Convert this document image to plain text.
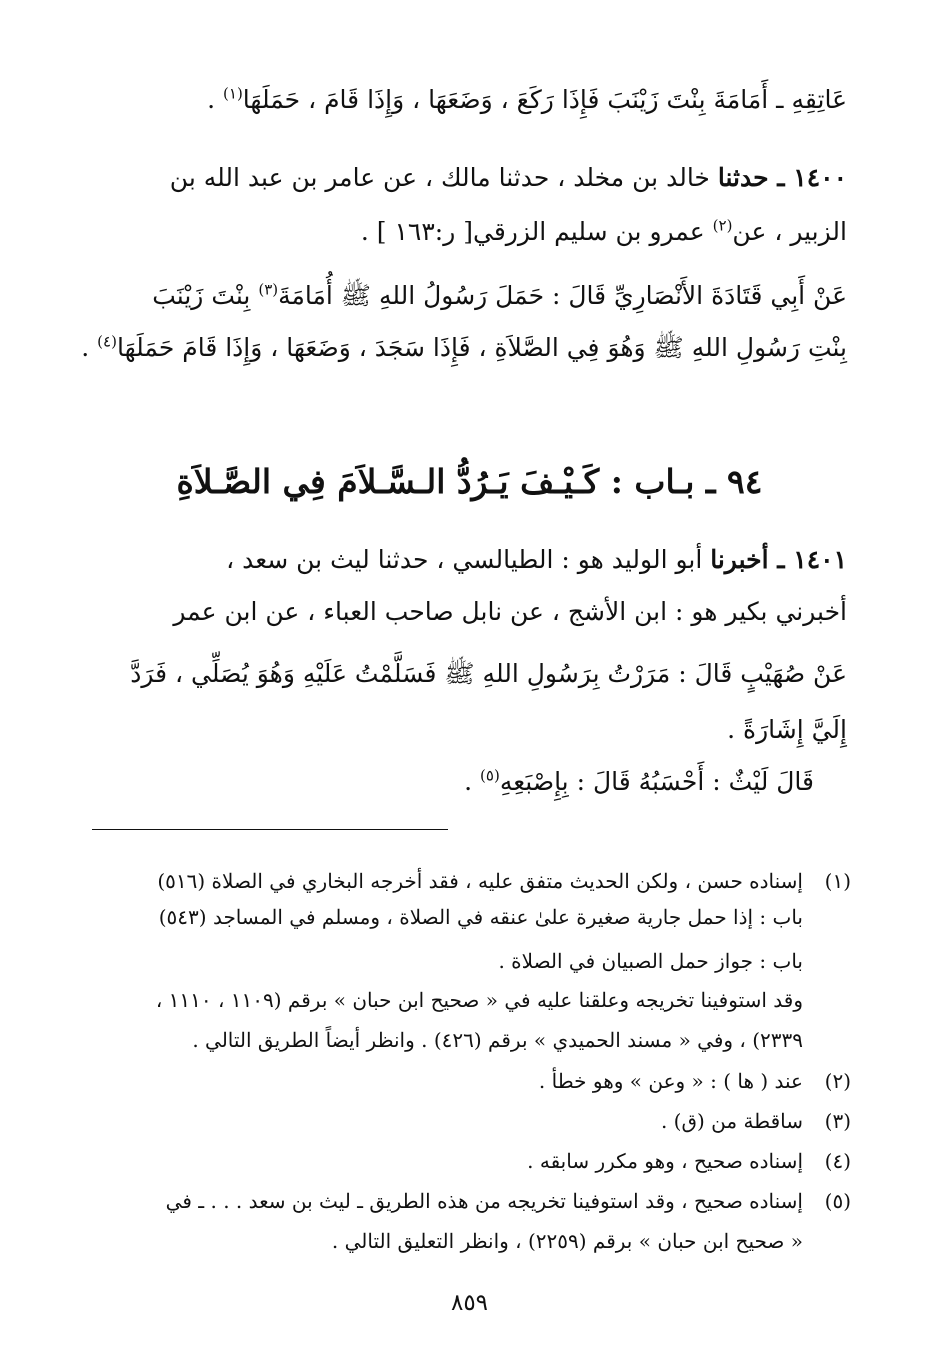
عَاتِقِهِ ـ أَمَامَةَ بِنْتَ زَيْنَبَ فَإِذَا رَكَعَ ، وَضَعَهَا ، وَإِذَا قَامَ ، حَمَلَهَا$^{(١)}$ .
١٤٠٠ ـ حدثنا خالد بن مخلد ، حدثنا مالك ، عن عامر بن عبد الله بن
الزبير ، عن$^{(٢)}$ عمرو بن سليم الزرقي[ ر:١٦٣ ] .
عَنْ أَبِي قَتَادَةَ الأَنْصَارِيِّ قَالَ : حَمَلَ رَسُولُ اللهِ ﷺ أُمَامَةَ$^{(٣)}$ بِنْتَ زَيْنَبَ
بِنْتِ رَسُولِ اللهِ ﷺ وَهُوَ فِي الصَّلاَةِ ، فَإِذَا سَجَدَ ، وَضَعَهَا ، وَإِذَا قَامَ حَمَلَهَا$^{(٤)}$ .
٩٤ ـ بـاب : كَـيْـفَ يَـرُدُّ الـسَّـلاَمَ فِي الصَّـلاَةِ
١٤٠١ ـ أخبرنا أبو الوليد هو : الطيالسي ، حدثنا ليث بن سعد ،
أخبرني بكير هو : ابن الأشج ، عن نابل صاحب العباء ، عن ابن عمر
عَنْ صُهَيْبٍ قَالَ : مَرَرْتُ بِرَسُولِ اللهِ ﷺ فَسَلَّمْتُ عَلَيْهِ وَهُوَ يُصَلِّي ، فَرَدَّ
إِلَيَّ إِشَارَةً .
قَالَ لَيْثٌ : أَحْسَبُهُ قَالَ : بِإِصْبَعِهِ$^{(٥)}$ .
(١)
إسناده حسن ، ولكن الحديث متفق عليه ، فقد أخرجه البخاري في الصلاة (٥١٦)
باب : إذا حمل جارية صغيرة علىٰ عنقه في الصلاة ، ومسلم في المساجد (٥٤٣)
باب : جواز حمل الصبيان في الصلاة .
وقد استوفينا تخريجه وعلقنا عليه في « صحيح ابن حبان » برقم (١١٠٩ ، ١١١٠ ،
٢٣٣٩) ، وفي « مسند الحميدي » برقم (٤٢٦) . وانظر أيضاً الطريق التالي .
(٢)
عند ( ها ) : « وعن » وهو خطأ .
(٣)
ساقطة من (ق) .
(٤)
إسناده صحيح ، وهو مكرر سابقه .
(٥)
إسناده صحيح ، وقد استوفينا تخريجه من هذه الطريق ـ ليث بن سعد . . . ـ في
« صحيح ابن حبان » برقم (٢٢٥٩) ، وانظر التعليق التالي .
٨٥٩
